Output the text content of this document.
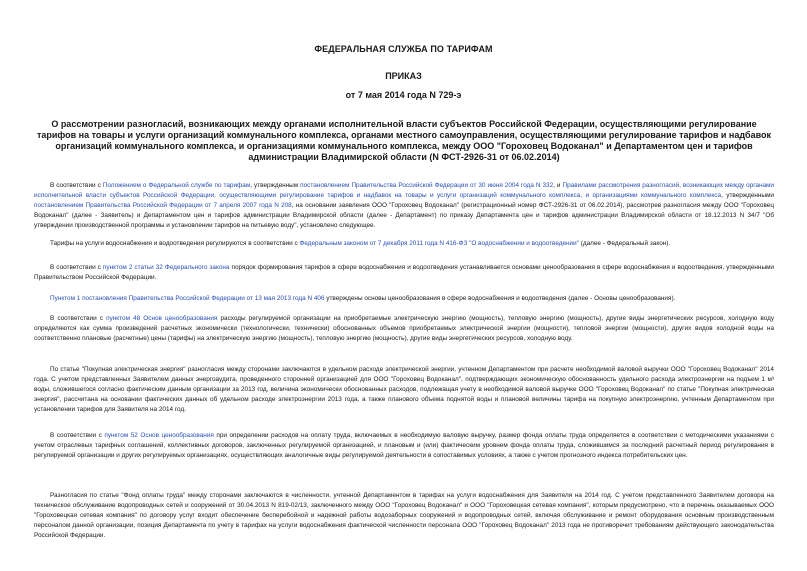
ФЕДЕРАЛЬНАЯ СЛУЖБА ПО ТАРИФАМ
ПРИКАЗ
от 7 мая 2014 года N 729-э
О рассмотрении разногласий, возникающих между органами исполнительной власти субъектов Российской Федерации, осуществляющими регулирование тарифов на товары и услуги организаций коммунального комплекса, органами местного самоуправления, осуществляющими регулирование тарифов и надбавок организаций коммунального комплекса, и организациями коммунального комплекса, между ООО "Гороховец Водоканал" и Департаментом цен и тарифов администрации Владимирской области (N ФСТ-2926-31 от 06.02.2014)

В соответствии с Положением о Федеральной службе по тарифам, утвержденным постановлением Правительства Российской Федерации от 30 июня 2004 года N 332, и Правилами рассмотрения разногласий, возникающих между органами исполнительной власти субъектов Российской Федерации, осуществляющими регулирование тарифов и надбавок на товары и услуги организаций коммунального комплекса, и организациями коммунального комплекса, утвержденными постановлением Правительства Российской Федерации от 7 апреля 2007 года N 208, на основании заявления ООО "Гороховец Водоканал" (регистрационный номер ФСТ-2926-31 от 06.02.2014), рассмотрев разногласия между ООО "Гороховец Водоканал" (далее - Заявитель) и Департаментом цен и тарифов администрации Владимирской области (далее - Департамент) по приказу Департамента цен и тарифов администрации Владимирской области от 18.12.2013 N 34/7 "Об утверждении производственной программы и установлении тарифов на питьевую воду", установлено следующее.

Тарифы на услуги водоснабжения и водоотведения регулируются в соответствии с Федеральным законом от 7 декабря 2011 года N 416-ФЗ "О водоснабжении и водоотведении" (далее - Федеральный закон).

В соответствии с пунктом 2 статьи 32 Федерального закона порядок формирования тарифов в сфере водоснабжения и водоотведения устанавливается основами ценообразования в сфере водоснабжения и водоотведения, утвержденными Правительством Российской Федерации.

Пунктом 1 постановления Правительства Российской Федерации от 13 мая 2013 года N 406 утверждены основы ценообразования в сфере водоснабжения и водоотведения (далее - Основы ценообразования).

В соответствии с пунктом 48 Основ ценообразования расходы регулируемой организации на приобретаемые электрическую энергию (мощность), тепловую энергию (мощность), другие виды энергетических ресурсов, холодную воду определяются как сумма произведений расчетных экономически (технологически, технически) обоснованных объемов приобретаемых электрической энергии (мощности), тепловой энергии (мощности), других видов холодной воды на соответственно плановые (расчетные) цены (тарифы) на электрическую энергию (мощность), тепловую энергию (мощность), другие виды энергетических ресурсов, холодную воду.

По статье "Покупная электрическая энергия" разногласия между сторонами заключаются в удельном расходе электрической энергии, учтенном Департаментом при расчете необходимой валовой выручки ООО "Гороховец Водоканал" 2014 года. С учетом представленных Заявителем данных энергоаудита, проведенного сторонней организацией для ООО "Гороховец Водоканал", подтверждающих экономическую обоснованность удельного расхода электроэнергии на подъем 1 м³ воды, сложившегося согласно фактическим данным организации за 2013 год, величина экономически обоснованных расходов, подлежащая учету в необходимой валовой выручке ООО "Гороховец Водоканал" по статье "Покупная электрическая энергия", рассчитана на основании фактических данных об удельном расходе электроэнергии 2013 года, а также планового объема поднятой воды и плановой величины тарифа на покупную электроэнергию, учтенным Департаментом при установлении тарифов для Заявителя на 2014 год.

В соответствии с пунктом 52 Основ ценообразования при определении расходов на оплату труда, включаемых в необходимую валовую выручку, размер фонда оплаты труда определяется в соответствии с методическими указаниями с учетом отраслевых тарифных соглашений, коллективных договоров, заключенных регулируемой организацией, и плановым и (или) фактическим уровнем фонда оплаты труда, сложившимся за последний расчетный период регулирования в регулируемой организации и других регулируемых организациях, осуществляющих аналогичные виды регулируемой деятельности в сопоставимых условиях, а также с учетом прогнозного индекса потребительских цен.

Разногласия по статье "Фонд оплаты труда" между сторонами заключаются в численности, учтенной Департаментом в тарифах на услуги водоснабжения для Заявителя на 2014 год. С учетом представленного Заявителем договора на техническое обслуживание водопроводных сетей и сооружений от 30.04.2013 N 819-02/13, заключенного между ООО "Гороховец Водоканал" и ООО "Гороховецкая сетевая компания", которым предусмотрено, что в перечень оказываемых ООО "Гороховецкая сетевая компания" по договору услуг входит обеспечение бесперебойной и надежной работы водозаборных сооружений и водопроводных сетей, включая обслуживание и ремонт оборудования основным производственным персоналом данной организации, позиция Департамента по учету в тарифах на услуги водоснабжения фактической численности персонала ООО "Гороховец Водоканал" 2013 года не противоречит требованиям действующего законодательства Российской Федерации.
